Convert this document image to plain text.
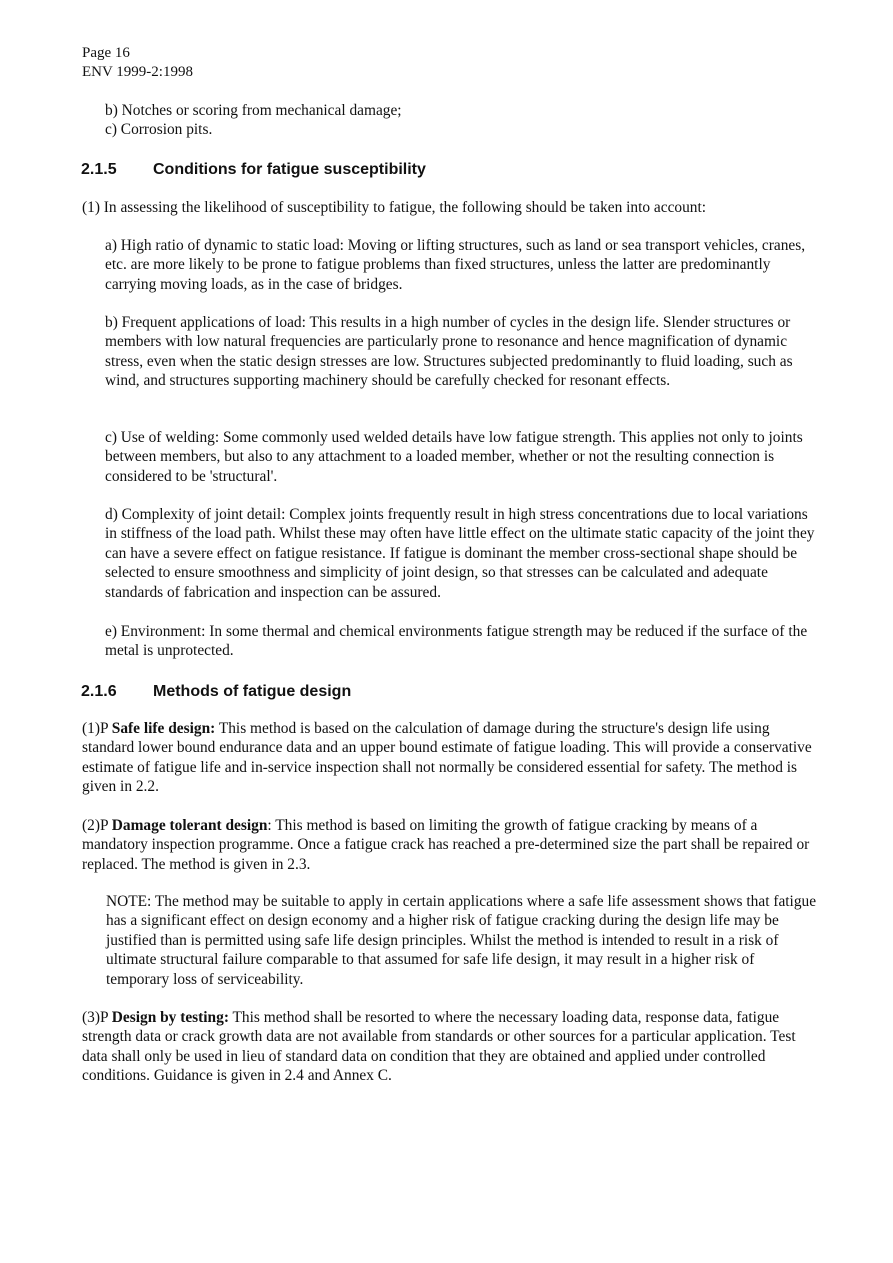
Page 16
ENV 1999-2:1998

b) Notches or scoring from mechanical damage;

c) Corrosion pits.

2.1.5 Conditions for fatigue susceptibility

(1) In assessing the likelihood of susceptibility to fatigue, the following should be taken into account:

a) High ratio of dynamic to static load: Moving or lifting structures, such as land or sea transport vehicles, cranes, etc. are more likely to be prone to fatigue problems than fixed structures, unless the latter are predominantly carrying moving loads, as in the case of bridges.

b) Frequent applications of load: This results in a high number of cycles in the design life. Slender structures or members with low natural frequencies are particularly prone to resonance and hence magnification of dynamic stress, even when the static design stresses are low. Structures subjected predominantly to fluid loading, such as wind, and structures supporting machinery should be carefully checked for resonant effects.

c) Use of welding: Some commonly used welded details have low fatigue strength. This applies not only to joints between members, but also to any attachment to a loaded member, whether or not the resulting connection is considered to be 'structural'.

d) Complexity of joint detail: Complex joints frequently result in high stress concentrations due to local variations in stiffness of the load path. Whilst these may often have little effect on the ultimate static capacity of the joint they can have a severe effect on fatigue resistance. If fatigue is dominant the member cross-sectional shape should be selected to ensure smoothness and simplicity of joint design, so that stresses can be calculated and adequate standards of fabrication and inspection can be assured.

e) Environment: In some thermal and chemical environments fatigue strength may be reduced if the surface of the metal is unprotected.

2.1.6 Methods of fatigue design

(1)P Safe life design: This method is based on the calculation of damage during the structure's design life using standard lower bound endurance data and an upper bound estimate of fatigue loading. This will provide a conservative estimate of fatigue life and in-service inspection shall not normally be considered essential for safety. The method is given in 2.2.

(2)P Damage tolerant design: This method is based on limiting the growth of fatigue cracking by means of a mandatory inspection programme. Once a fatigue crack has reached a pre-determined size the part shall be repaired or replaced. The method is given in 2.3.

NOTE: The method may be suitable to apply in certain applications where a safe life assessment shows that fatigue has a significant effect on design economy and a higher risk of fatigue cracking during the design life may be justified than is permitted using safe life design principles. Whilst the method is intended to result in a risk of ultimate structural failure comparable to that assumed for safe life design, it may result in a higher risk of temporary loss of serviceability.

(3)P Design by testing: This method shall be resorted to where the necessary loading data, response data, fatigue strength data or crack growth data are not available from standards or other sources for a particular application. Test data shall only be used in lieu of standard data on condition that they are obtained and applied under controlled conditions. Guidance is given in 2.4 and Annex C.
